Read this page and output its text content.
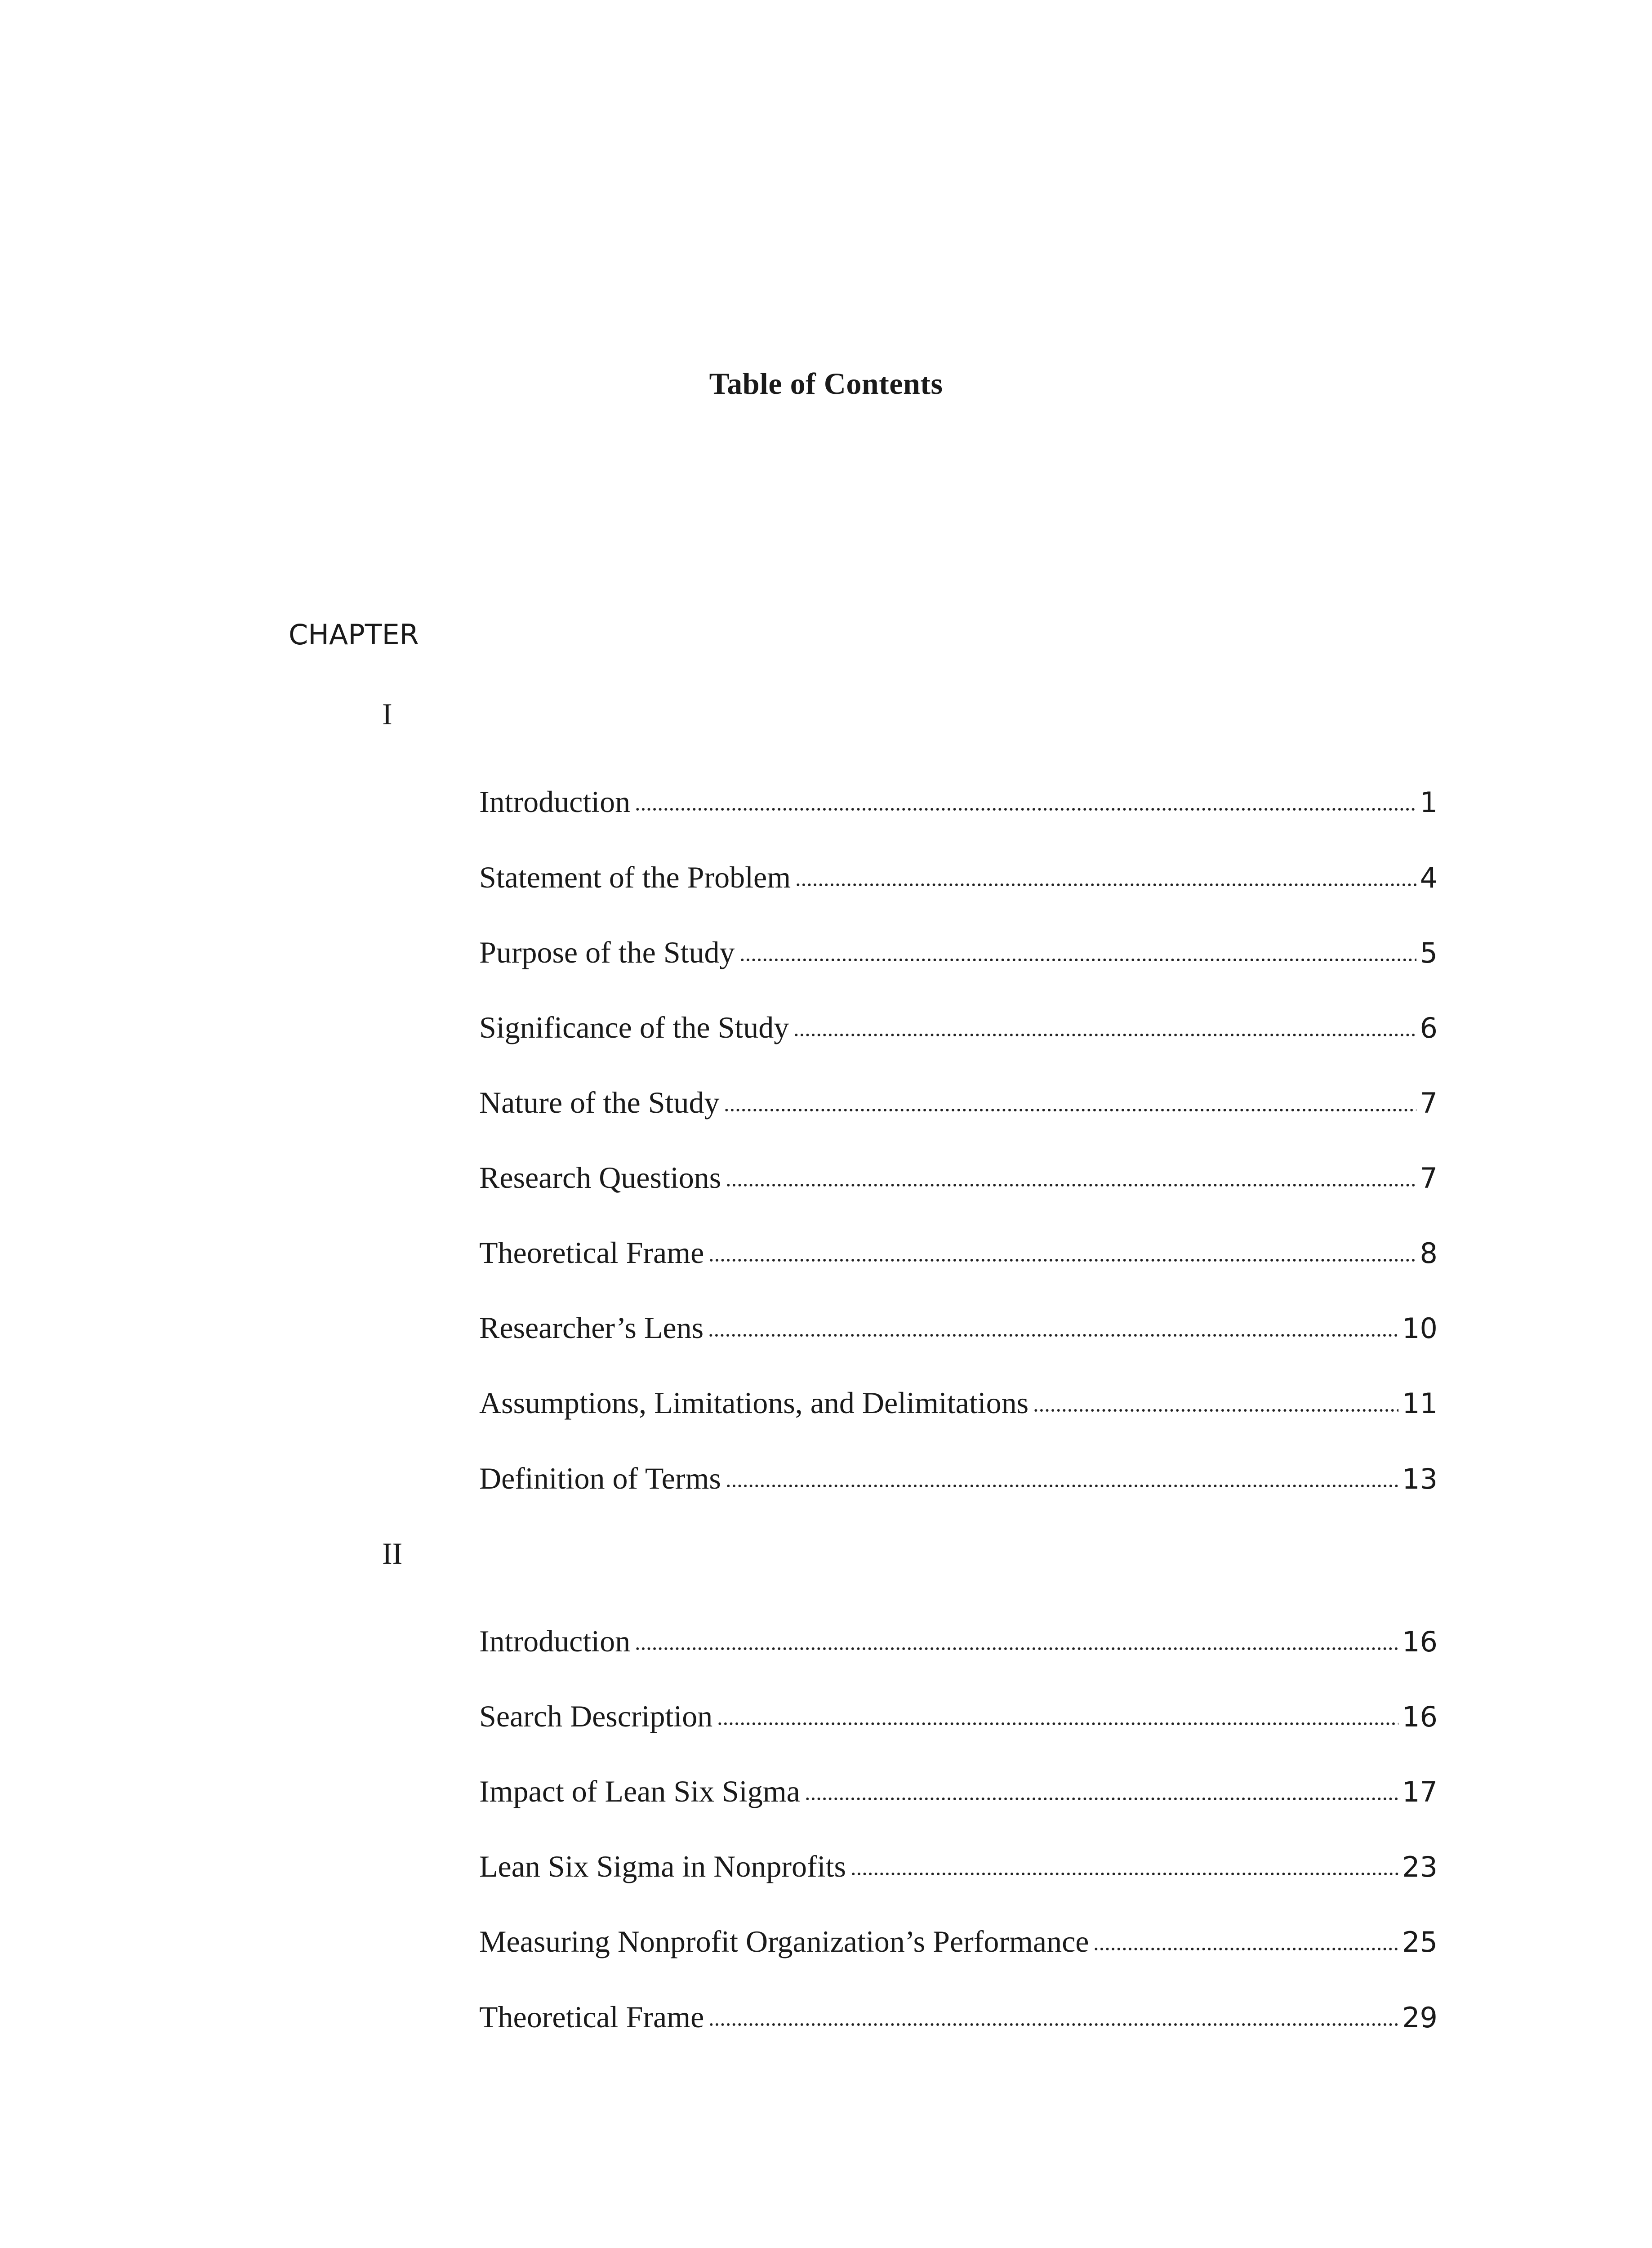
Table of Contents
CHAPTER
I
Introduction	1
Statement of the Problem	4
Purpose of the Study	5
Significance of the Study	6
Nature of the Study	7
Research Questions	7
Theoretical Frame	8
Researcher’s Lens	10
Assumptions, Limitations, and Delimitations	11
Definition of Terms	13
II
Introduction	16
Search Description	16
Impact of Lean Six Sigma	17
Lean Six Sigma in Nonprofits	23
Measuring Nonprofit Organization’s Performance	25
Theoretical Frame	29
